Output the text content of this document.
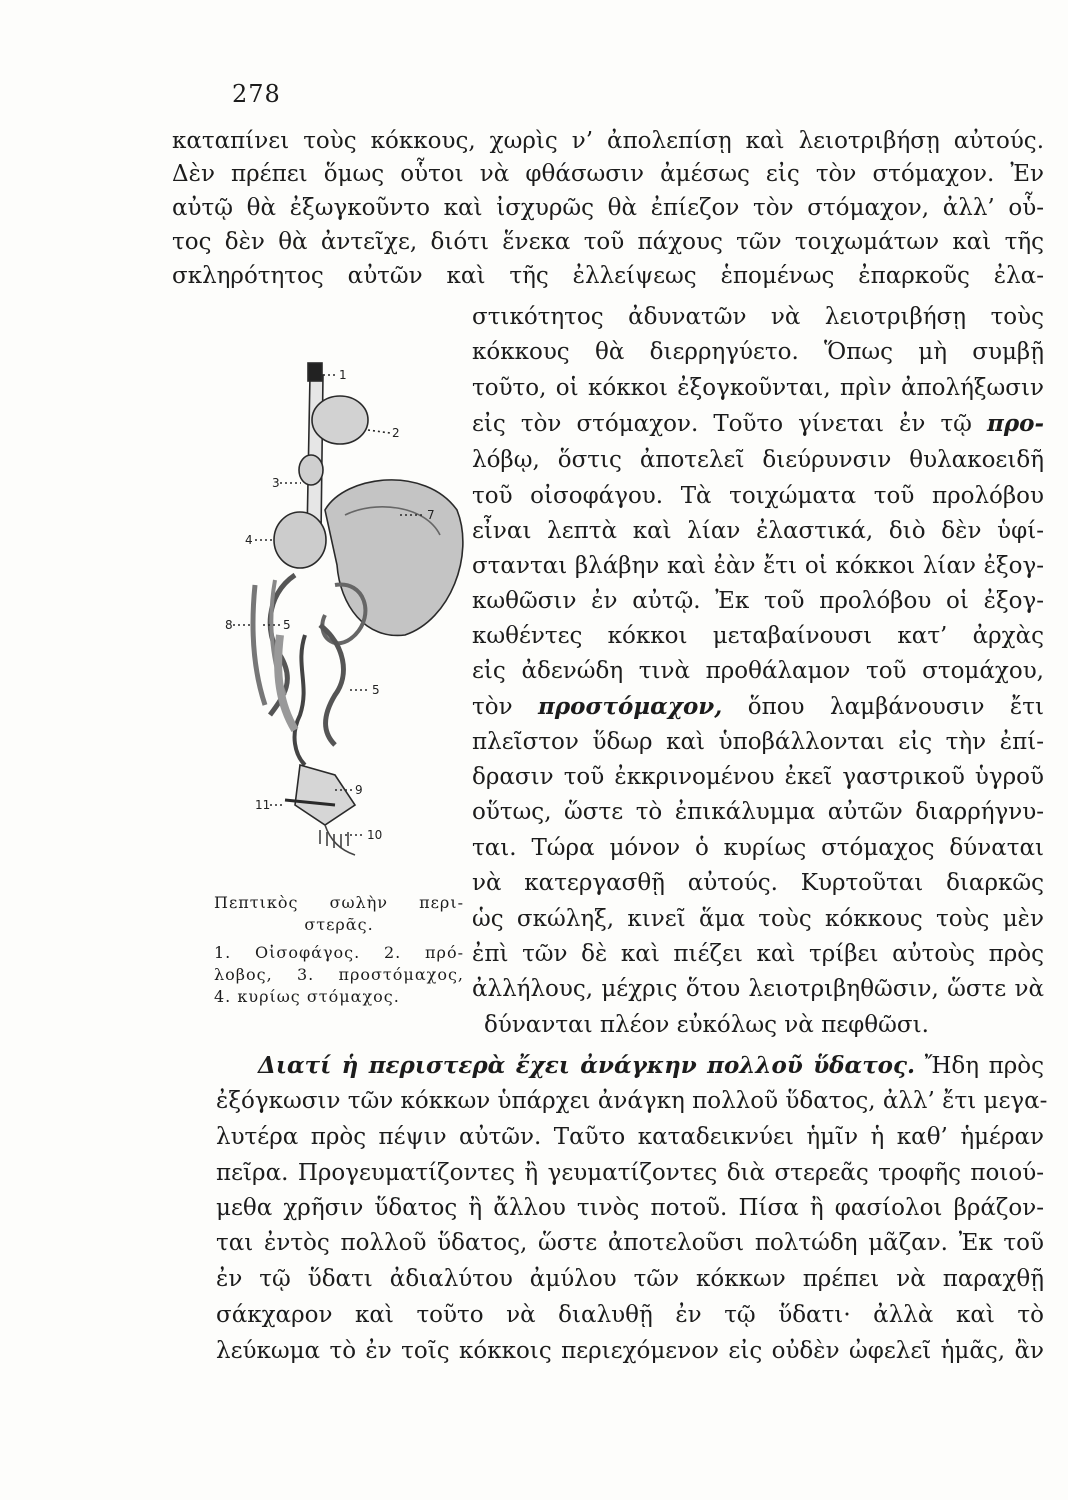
278
καταπίνει τοὺς κόκκους, χωρὶς ν’ ἀπολεπίσῃ καὶ λειοτριβήσῃ αὐτούς.
Δὲν πρέπει ὅμως οὗτοι νὰ φθάσωσιν ἀμέσως εἰς τὸν στόμαχον. Ἐν
αὐτῷ θὰ ἐξωγκοῦντο καὶ ἰσχυρῶς θὰ ἐπίεζον τὸν στόμαχον, ἀλλ’ οὗ-
τος δὲν θὰ ἀντεῖχε, διότι ἕνεκα τοῦ πάχους τῶν τοιχωμάτων καὶ τῆς
σκληρότητος αὐτῶν καὶ τῆς ἐλλείψεως ἑπομένως ἐπαρκοῦς ἐλα-
στικότητος ἀδυνατῶν νὰ λειοτριβήσῃ τοὺς
κόκκους θὰ διερρηγύετο. Ὅπως μὴ συμβῇ
τοῦτο, οἱ κόκκοι ἐξογκοῦνται, πρὶν ἀπολήξωσιν
εἰς τὸν στόμαχον. Τοῦτο γίνεται ἐν τῷ προ-
λόβῳ, ὅστις ἀποτελεῖ διεύρυνσιν θυλακοειδῆ
τοῦ οἰσοφάγου. Τὰ τοιχώματα τοῦ προλόβου
εἶναι λεπτὰ καὶ λίαν ἐλαστικά, διὸ δὲν ὑφί-
στανται βλάβην καὶ ἐὰν ἔτι οἱ κόκκοι λίαν ἐξογ-
κωθῶσιν ἐν αὐτῷ. Ἐκ τοῦ προλόβου οἱ ἐξογ-
κωθέντες κόκκοι μεταβαίνουσι κατ’ ἀρχὰς
εἰς ἀδενώδη τινὰ προθάλαμον τοῦ στομάχου,
τὸν προστόμαχον, ὅπου λαμβάνουσιν ἔτι
πλεῖστον ὕδωρ καὶ ὑποβάλλονται εἰς τὴν ἐπί-
δρασιν τοῦ ἐκκρινομένου ἐκεῖ γαστρικοῦ ὑγροῦ
οὕτως, ὥστε τὸ ἐπικάλυμμα αὐτῶν διαρρήγνυ-
ται. Τώρα μόνον ὁ κυρίως στόμαχος δύναται
νὰ κατεργασθῇ αὐτούς. Κυρτοῦται διαρκῶς
ὡς σκώληξ, κινεῖ ἅμα τοὺς κόκκους τοὺς μὲν
ἐπὶ τῶν δὲ καὶ πιέζει καὶ τρίβει αὐτοὺς πρὸς
ἀλλήλους, μέχρις ὅτου λειοτριβηθῶσιν, ὥστε νὰ
δύνανται πλέον εὐκόλως νὰ πεφθῶσι.
1
2
3
4
5
7
8
9
10
11
5
Πεπτικὸς σωλὴν περι-
στερᾶς.
1. Οἰσοφάγος. 2. πρό-
λοβος, 3. προστόμαχος,
4. κυρίως στόμαχος.
Διατί ἡ περιστερὰ ἔχει ἀνάγκην πολλοῦ ὕδατος. Ἤδη πρὸς
ἐξόγκωσιν τῶν κόκκων ὑπάρχει ἀνάγκη πολλοῦ ὕδατος, ἀλλ’ ἔτι μεγα-
λυτέρα πρὸς πέψιν αὐτῶν. Ταῦτο καταδεικνύει ἡμῖν ἡ καθ’ ἡμέραν
πεῖρα. Προγευματίζοντες ἢ γευματίζοντες διὰ στερεᾶς τροφῆς ποιού-
μεθα χρῆσιν ὕδατος ἢ ἄλλου τινὸς ποτοῦ. Πίσα ἢ φασίολοι βράζον-
ται ἐντὸς πολλοῦ ὕδατος, ὥστε ἀποτελοῦσι πολτώδη μᾶζαν. Ἐκ τοῦ
ἐν τῷ ὕδατι ἀδιαλύτου ἀμύλου τῶν κόκκων πρέπει νὰ παραχθῇ
σάκχαρον καὶ τοῦτο νὰ διαλυθῇ ἐν τῷ ὕδατι· ἀλλὰ καὶ τὸ
λεύκωμα τὸ ἐν τοῖς κόκκοις περιεχόμενον εἰς οὐδὲν ὠφελεῖ ἡμᾶς, ἂν
